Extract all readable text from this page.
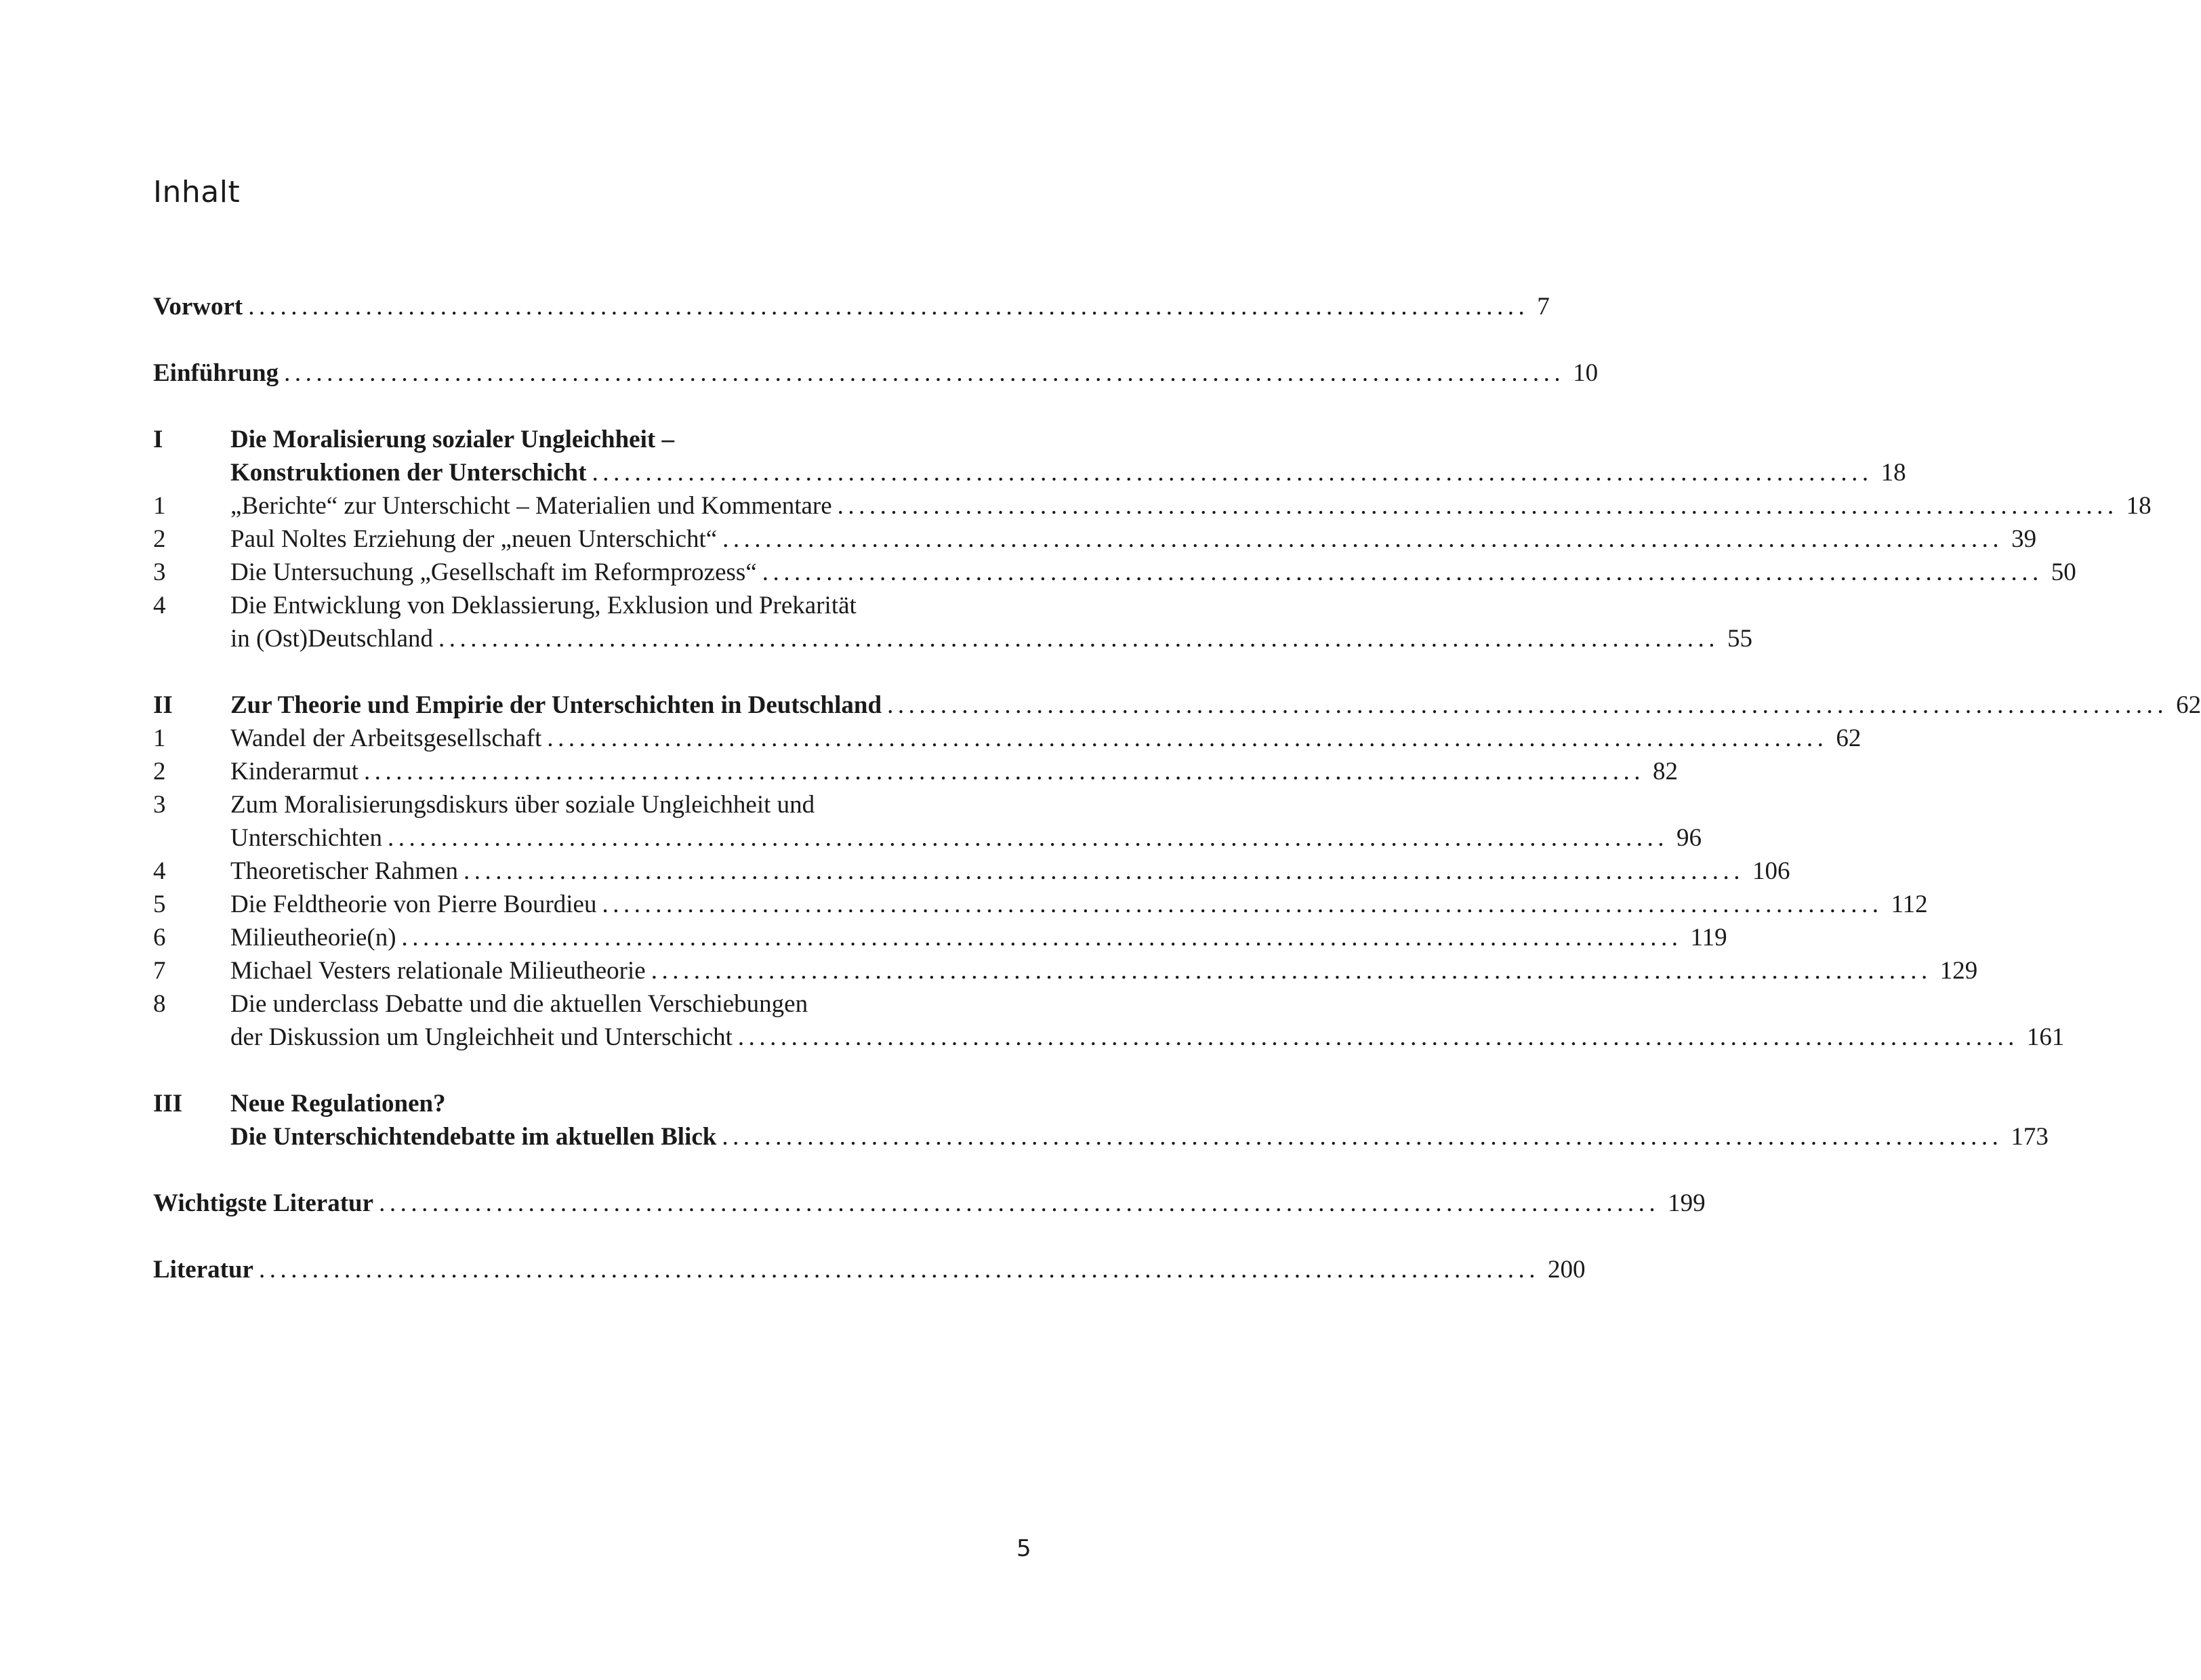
Inhalt
Vorwort ........................................................................................................................ 7
Einführung ........................................................................................................................ 10
I	Die Moralisierung sozialer Ungleichheit –
Konstruktionen der Unterschicht ........................................................................................................................ 18
1	„Berichte“ zur Unterschicht – Materialien und Kommentare ........................................................................................................................ 18
2	Paul Noltes Erziehung der „neuen Unterschicht“ ........................................................................................................................ 39
3	Die Untersuchung „Gesellschaft im Reformprozess“ ........................................................................................................................ 50
4	Die Entwicklung von Deklassierung, Exklusion und Prekarität
in (Ost)Deutschland ........................................................................................................................ 55
II Zur Theorie und Empirie der Unterschichten in Deutschland ........................................................................................................................ 62
1	Wandel der Arbeitsgesellschaft ........................................................................................................................ 62
2	Kinderarmut ........................................................................................................................ 82
3	Zum Moralisierungsdiskurs über soziale Ungleichheit und
Unterschichten ........................................................................................................................ 96
4	Theoretischer Rahmen ........................................................................................................................ 106
5	Die Feldtheorie von Pierre Bourdieu ........................................................................................................................ 112
6	Milieutheorie(n) ........................................................................................................................ 119
7	Michael Vesters relationale Milieutheorie ........................................................................................................................ 129
8	Die underclass Debatte und die aktuellen Verschiebungen
der Diskussion um Ungleichheit und Unterschicht ........................................................................................................................ 161
III Neue Regulationen?
Die Unterschichtendebatte im aktuellen Blick ........................................................................................................................ 173
Wichtigste Literatur ........................................................................................................................ 199
Literatur ........................................................................................................................ 200
5
